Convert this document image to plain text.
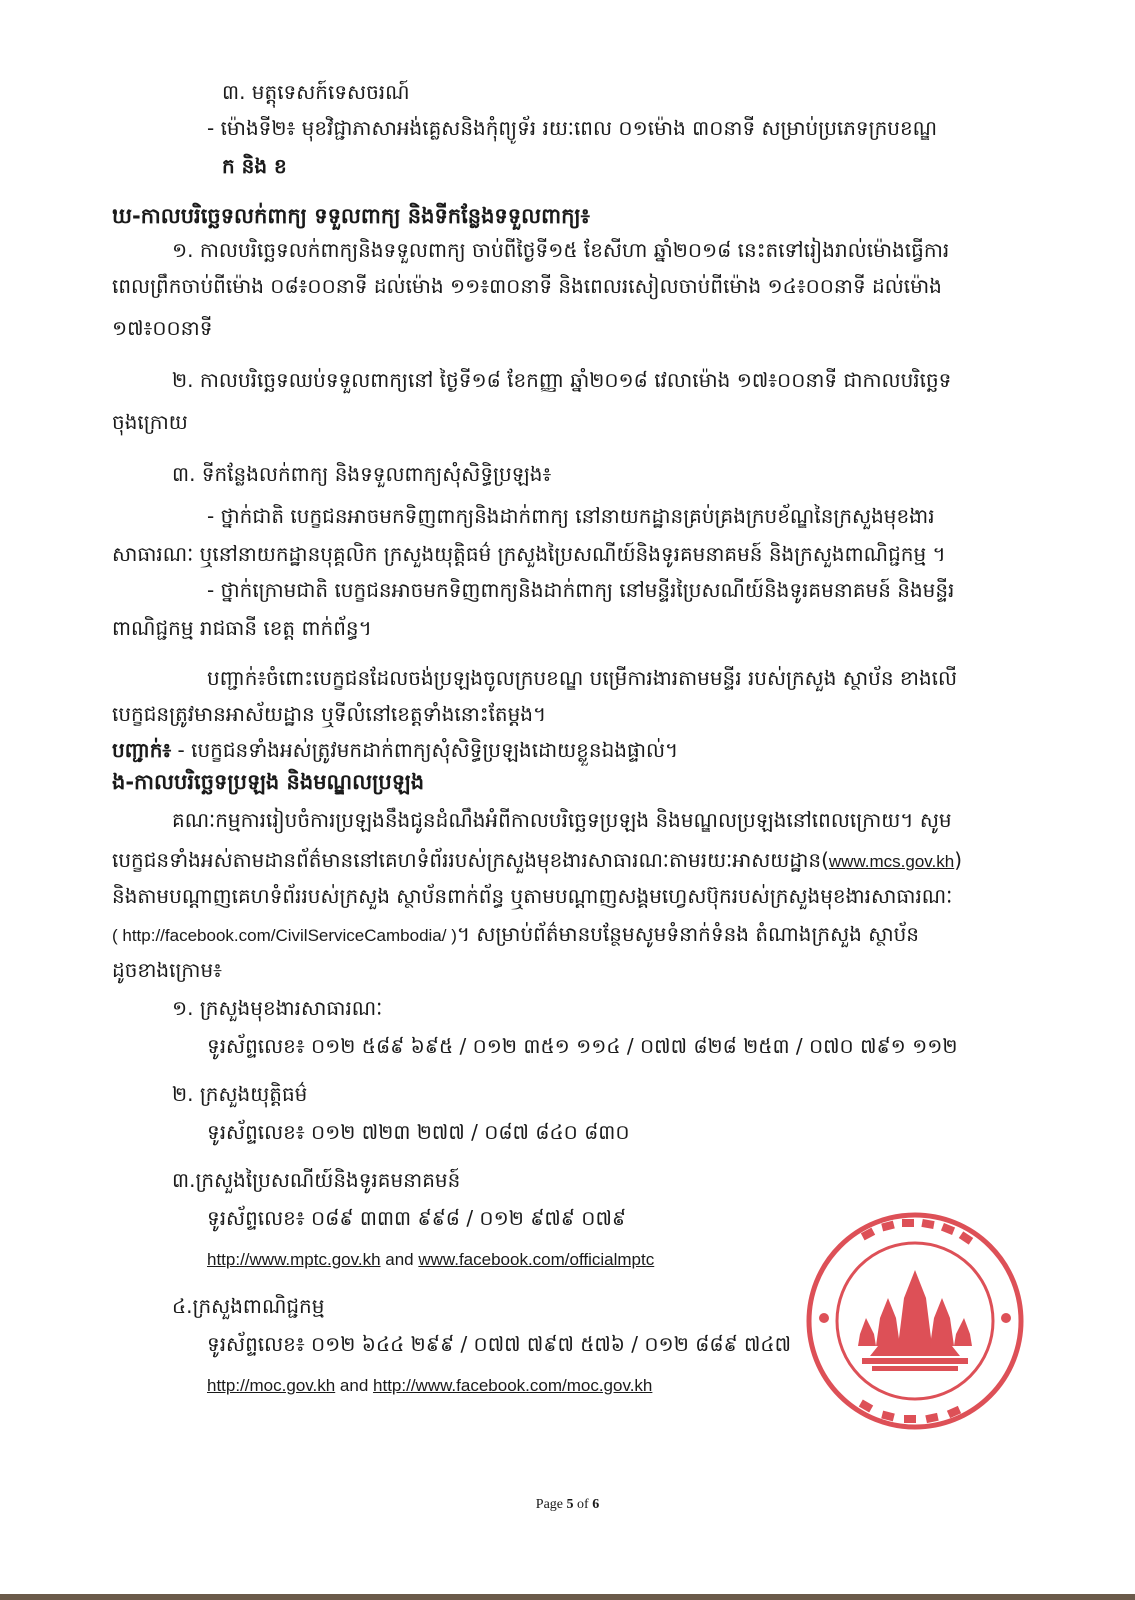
៣. មត្តុទេសក៍ទេសចរណ៍
- ម៉ោងទី២៖ មុខវិជ្ជាភាសាអង់គ្លេសនិងកុំព្យូទ័រ រយៈពេល ០១ម៉ោង ៣០នាទី សម្រាប់ប្រភេទក្របខណ្ឌ
ក និង ខ
ឃ-កាលបរិច្ឆេទលក់ពាក្យ ទទួលពាក្យ និងទីកន្លែងទទួលពាក្យ៖
១. កាលបរិច្ឆេទលក់ពាក្យនិងទទួលពាក្យ ចាប់ពីថ្ងៃទី១៥ ខែសីហា ឆ្នាំ២០១៨ នេះតទៅរៀងរាល់ម៉ោងធ្វើការ
ពេលព្រឹកចាប់ពីម៉ោង ០៨៖០០នាទី ដល់ម៉ោង ១១៖៣០នាទី និងពេលរសៀលចាប់ពីម៉ោង ១៤៖០០នាទី ដល់ម៉ោង
១៧៖០០នាទី
២. កាលបរិច្ឆេទឈប់ទទួលពាក្យនៅ ថ្ងៃទី១៨ ខែកញ្ញា ឆ្នាំ២០១៨ វេលាម៉ោង ១៧៖០០នាទី ជាកាលបរិច្ឆេទ
ចុងក្រោយ
៣. ទីកន្លែងលក់ពាក្យ និងទទួលពាក្យសុំសិទ្ធិប្រឡង៖
- ថ្នាក់ជាតិ បេក្ខជនអាចមកទិញពាក្យនិងដាក់ពាក្យ នៅនាយកដ្ឋានគ្រប់គ្រងក្របខ័ណ្ឌនៃក្រសួងមុខងារ
សាធារណៈ ឬនៅនាយកដ្ឋានបុគ្គលិក ក្រសួងយុត្តិធម៌ ក្រសួងប្រៃសណីយ៍និងទូរគមនាគមន៍ និងក្រសួងពាណិជ្ជកម្ម ។
- ថ្នាក់ក្រោមជាតិ បេក្ខជនអាចមកទិញពាក្យនិងដាក់ពាក្យ នៅមន្ទីរប្រៃសណីយ៍និងទូរគមនាគមន៍ និងមន្ទីរ
ពាណិជ្ជកម្ម រាជធានី ខេត្ត ពាក់ព័ន្ធ។
បញ្ជាក់៖ចំពោះបេក្ខជនដែលចង់ប្រឡងចូលក្របខណ្ឌ បម្រើការងារតាមមន្ទីរ របស់ក្រសួង ស្ថាប័ន ខាងលើ
បេក្ខជនត្រូវមានអាស័យដ្ឋាន ឬទីលំនៅខេត្តទាំងនោះតែម្តង។
បញ្ជាក់៖ - បេក្ខជនទាំងអស់ត្រូវមកដាក់ពាក្យសុំសិទ្ធិប្រឡងដោយខ្លួនឯងផ្ទាល់។
ង-កាលបរិច្ឆេទប្រឡង និងមណ្ឌលប្រឡង
គណៈកម្មការរៀបចំការប្រឡងនឹងជូនដំណឹងអំពីកាលបរិច្ឆេទប្រឡង និងមណ្ឌលប្រឡងនៅពេលក្រោយ។ សូម
បេក្ខជនទាំងអស់តាមដានព័ត៌មាននៅគេហទំព័ររបស់ក្រសួងមុខងារសាធារណៈតាមរយៈអាសយដ្ឋាន(www.mcs.gov.kh)
និងតាមបណ្តាញគេហទំព័ររបស់ក្រសួង ស្ថាប័នពាក់ព័ន្ធ ឬតាមបណ្តាញសង្គមហ្វេសប៊ុករបស់ក្រសួងមុខងារសាធារណៈ
( http://facebook.com/CivilServiceCambodia/ )។ សម្រាប់ព័ត៌មានបន្ថែមសូមទំនាក់ទំនង តំណាងក្រសួង ស្ថាប័ន
ដូចខាងក្រោម៖
១. ក្រសួងមុខងារសាធារណៈ
ទូរស័ព្ទលេខ៖ ០១២ ៥៨៩ ៦៩៥ / ០១២ ៣៥១ ១១៤ / ០៧៧ ៨២៨ ២៥៣ / ០៧០ ៧៩១ ១១២
២. ក្រសួងយុត្តិធម៌
ទូរស័ព្ទលេខ៖ ០១២ ៧២៣ ២៧៧ / ០៨៧ ៨៤០ ៨៣០
៣.ក្រសួងប្រៃសណីយ៍និងទូរគមនាគមន៍
ទូរស័ព្ទលេខ៖ ០៨៩ ៣៣៣ ៩៩៨ / ០១២ ៩៧៩ ០៧៩
http://www.mptc.gov.kh and www.facebook.com/officialmptc
៤.ក្រសួងពាណិជ្ជកម្ម
ទូរស័ព្ទលេខ៖ ០១២ ៦៤៤ ២៩៩ / ០៧៧ ៧៩៧ ៥៧៦ / ០១២ ៨៨៩ ៧៤៧
http://moc.gov.kh and http://www.facebook.com/moc.gov.kh
Page 5 of 6
